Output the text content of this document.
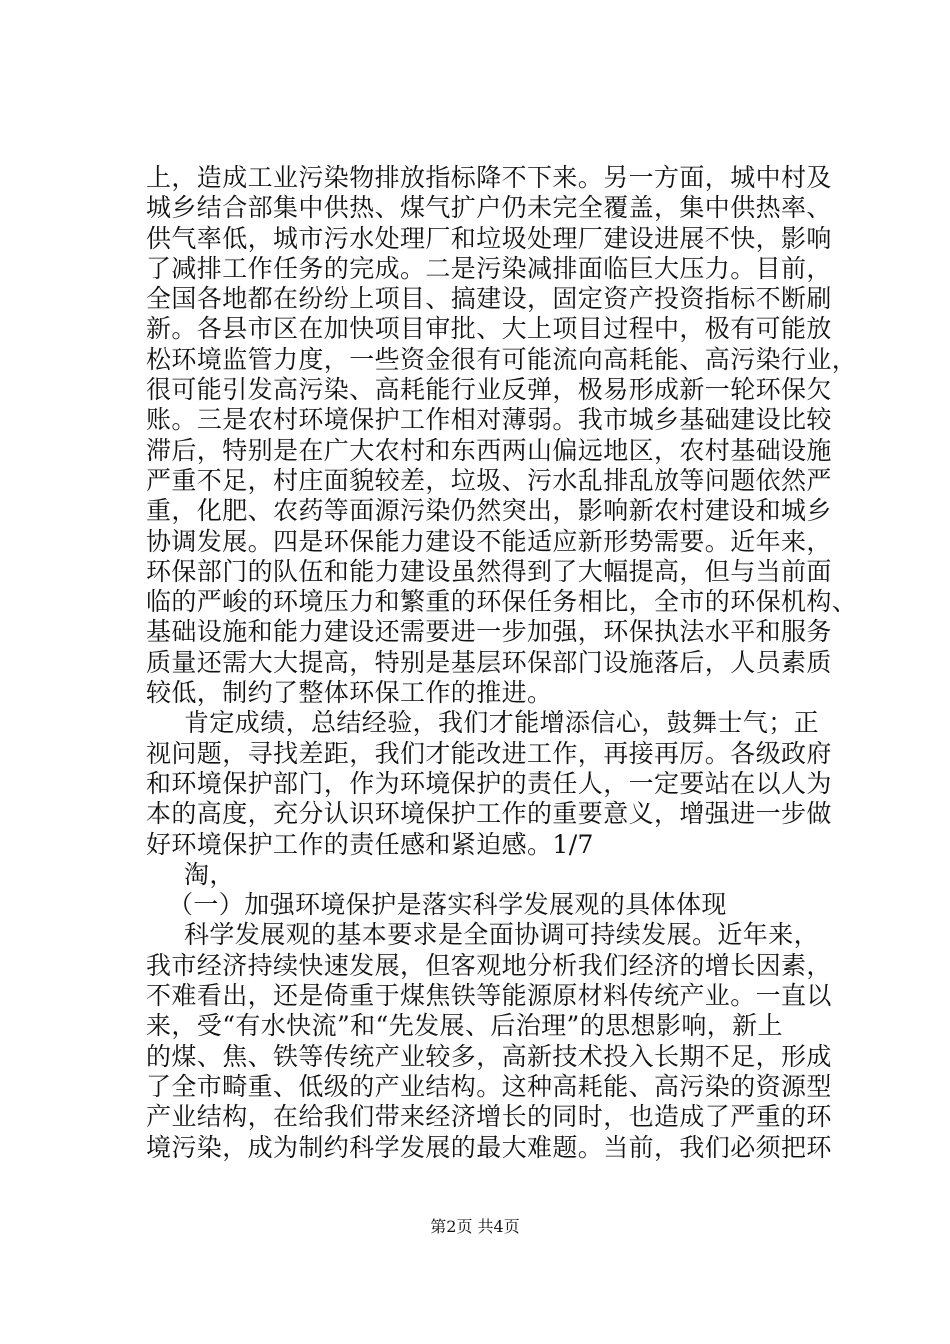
上，造成工业污染物排放指标降不下来。另一方面，城中村及
城乡结合部集中供热、煤气扩户仍未完全覆盖，集中供热率、
供气率低，城市污水处理厂和垃圾处理厂建设进展不快，影响
了减排工作任务的完成。二是污染减排面临巨大压力。目前，
全国各地都在纷纷上项目、搞建设，固定资产投资指标不断刷
新。各县市区在加快项目审批、大上项目过程中，极有可能放
松环境监管力度，一些资金很有可能流向高耗能、高污染行业，
很可能引发高污染、高耗能行业反弹，极易形成新一轮环保欠
账。三是农村环境保护工作相对薄弱。我市城乡基础建设比较
滞后，特别是在广大农村和东西两山偏远地区，农村基础设施
严重不足，村庄面貌较差，垃圾、污水乱排乱放等问题依然严
重，化肥、农药等面源污染仍然突出，影响新农村建设和城乡
协调发展。四是环保能力建设不能适应新形势需要。近年来，
环保部门的队伍和能力建设虽然得到了大幅提高，但与当前面
临的严峻的环境压力和繁重的环保任务相比，全市的环保机构、
基础设施和能力建设还需要进一步加强，环保执法水平和服务
质量还需大大提高，特别是基层环保部门设施落后，人员素质
较低，制约了整体环保工作的推进。
肯定成绩，总结经验，我们才能增添信心，鼓舞士气；正
视问题，寻找差距，我们才能改进工作，再接再厉。各级政府
和环境保护部门，作为环境保护的责任人，一定要站在以人为
本的高度，充分认识环境保护工作的重要意义，增强进一步做
好环境保护工作的责任感和紧迫感。1/7
淘，
（一）加强环境保护是落实科学发展观的具体体现
科学发展观的基本要求是全面协调可持续发展。近年来，
我市经济持续快速发展，但客观地分析我们经济的增长因素，
不难看出，还是倚重于煤焦铁等能源原材料传统产业。一直以
来，受“有水快流”和“先发展、后治理”的思想影响，新上
的煤、焦、铁等传统产业较多，高新技术投入长期不足，形成
了全市畸重、低级的产业结构。这种高耗能、高污染的资源型
产业结构，在给我们带来经济增长的同时，也造成了严重的环
境污染，成为制约科学发展的最大难题。当前，我们必须把环
第2页 共4页
